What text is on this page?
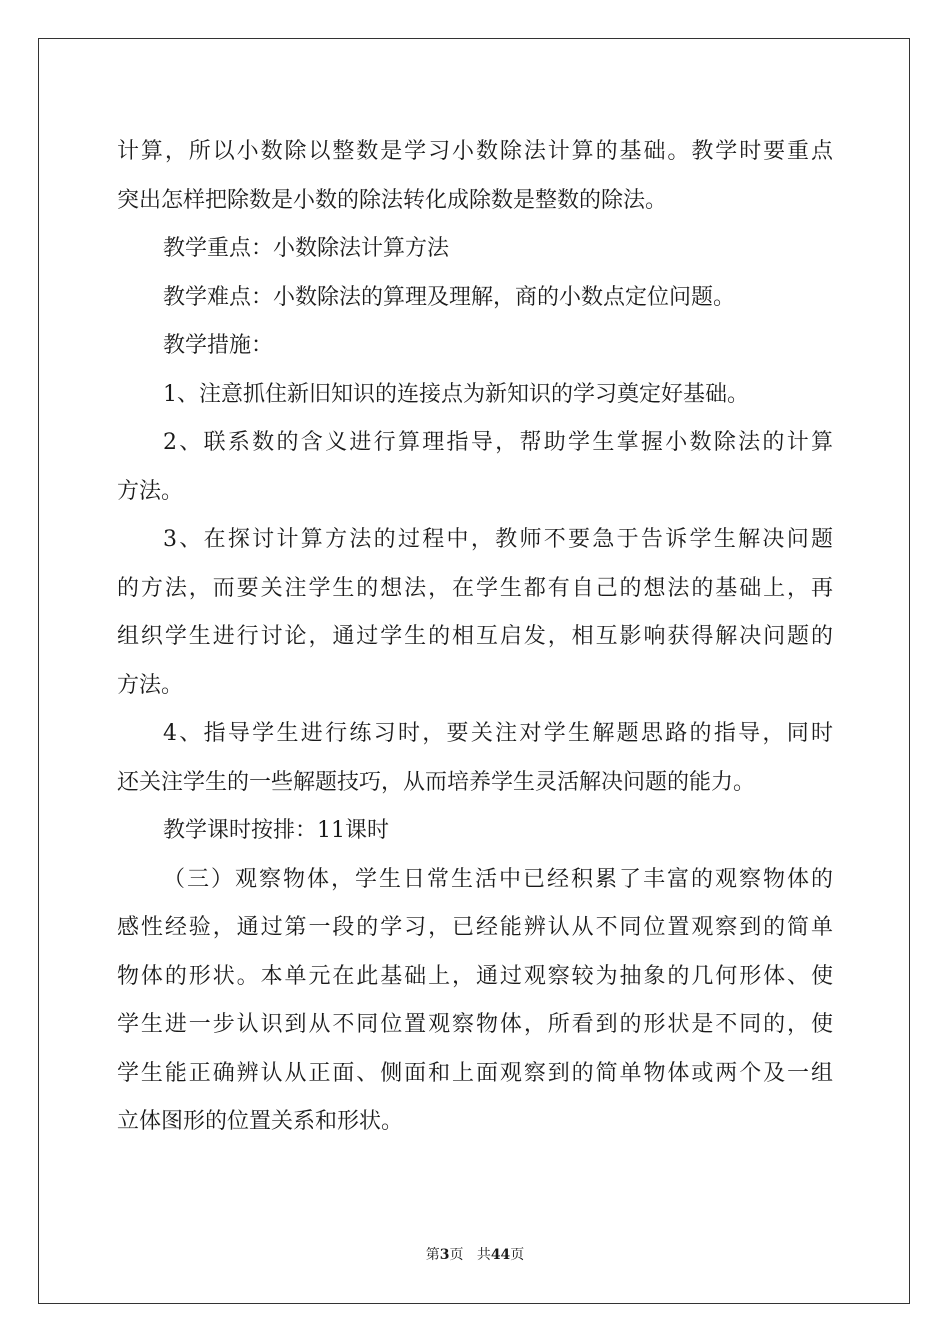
计算，所以小数除以整数是学习小数除法计算的基础。教学时要重点
突出怎样把除数是小数的除法转化成除数是整数的除法。
教学重点：小数除法计算方法
教学难点：小数除法的算理及理解，商的小数点定位问题。
教学措施：
1、注意抓住新旧知识的连接点为新知识的学习奠定好基础。
2、联系数的含义进行算理指导，帮助学生掌握小数除法的计算
方法。
3、在探讨计算方法的过程中，教师不要急于告诉学生解决问题
的方法，而要关注学生的想法，在学生都有自己的想法的基础上，再
组织学生进行讨论，通过学生的相互启发，相互影响获得解决问题的
方法。
4、指导学生进行练习时，要关注对学生解题思路的指导，同时
还关注学生的一些解题技巧，从而培养学生灵活解决问题的能力。
教学课时按排：11课时
（三）观察物体，学生日常生活中已经积累了丰富的观察物体的
感性经验，通过第一段的学习，已经能辨认从不同位置观察到的简单
物体的形状。本单元在此基础上，通过观察较为抽象的几何形体、使
学生进一步认识到从不同位置观察物体，所看到的形状是不同的，使
学生能正确辨认从正面、侧面和上面观察到的简单物体或两个及一组
立体图形的位置关系和形状。
第3页 共44页
